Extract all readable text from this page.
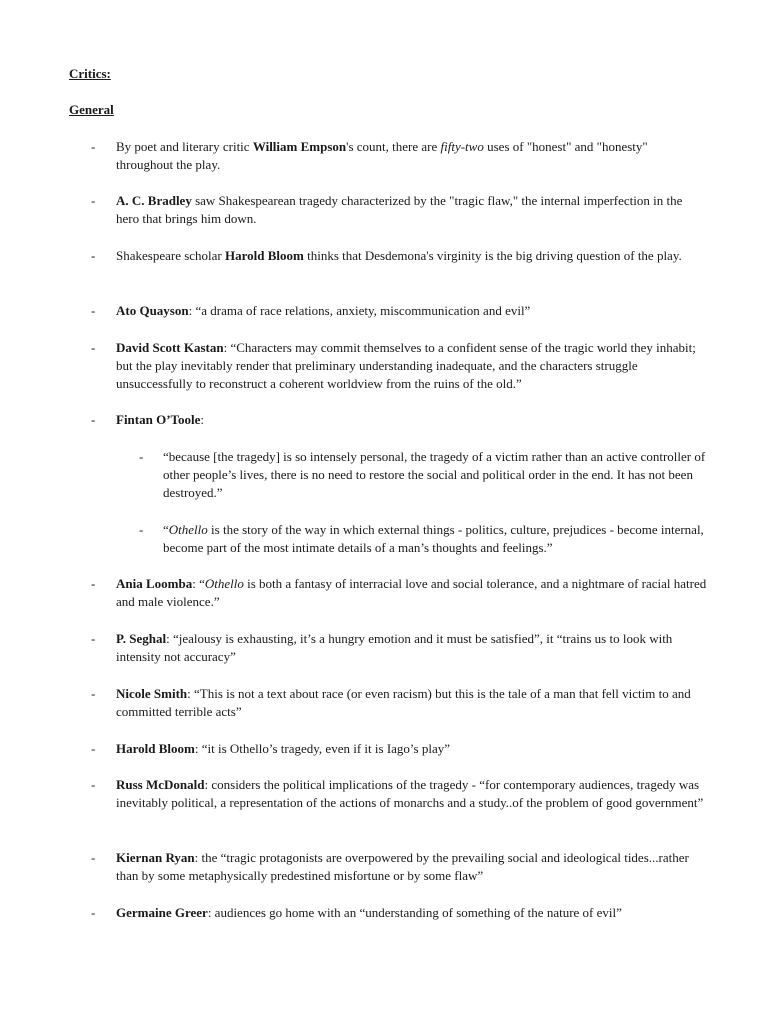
Critics:
General
- By poet and literary critic William Empson's count, there are fifty-two uses of "honest" and "honesty" throughout the play.
- A. C. Bradley saw Shakespearean tragedy characterized by the "tragic flaw," the internal imperfection in the hero that brings him down.
- Shakespeare scholar Harold Bloom thinks that Desdemona's virginity is the big driving question of the play.
- Ato Quayson: “a drama of race relations, anxiety, miscommunication and evil”
- David Scott Kastan: “Characters may commit themselves to a confident sense of the tragic world they inhabit; but the play inevitably render that preliminary understanding inadequate, and the characters struggle unsuccessfully to reconstruct a coherent worldview from the ruins of the old.”
- Fintan O’Toole:
- “because [the tragedy] is so intensely personal, the tragedy of a victim rather than an active controller of other people’s lives, there is no need to restore the social and political order in the end. It has not been destroyed.”
- “Othello is the story of the way in which external things - politics, culture, prejudices - become internal, become part of the most intimate details of a man’s thoughts and feelings.”
- Ania Loomba: “Othello is both a fantasy of interracial love and social tolerance, and a nightmare of racial hatred and male violence.”
- P. Seghal: “jealousy is exhausting, it’s a hungry emotion and it must be satisfied”, it “trains us to look with intensity not accuracy”
- Nicole Smith: “This is not a text about race (or even racism) but this is the tale of a man that fell victim to and committed terrible acts”
- Harold Bloom: “it is Othello’s tragedy, even if it is Iago’s play”
- Russ McDonald: considers the political implications of the tragedy - “for contemporary audiences, tragedy was inevitably political, a representation of the actions of monarchs and a study..of the problem of good government”
- Kiernan Ryan: the “tragic protagonists are overpowered by the prevailing social and ideological tides...rather than by some metaphysically predestined misfortune or by some flaw”
- Germaine Greer: audiences go home with an “understanding of something of the nature of evil”
